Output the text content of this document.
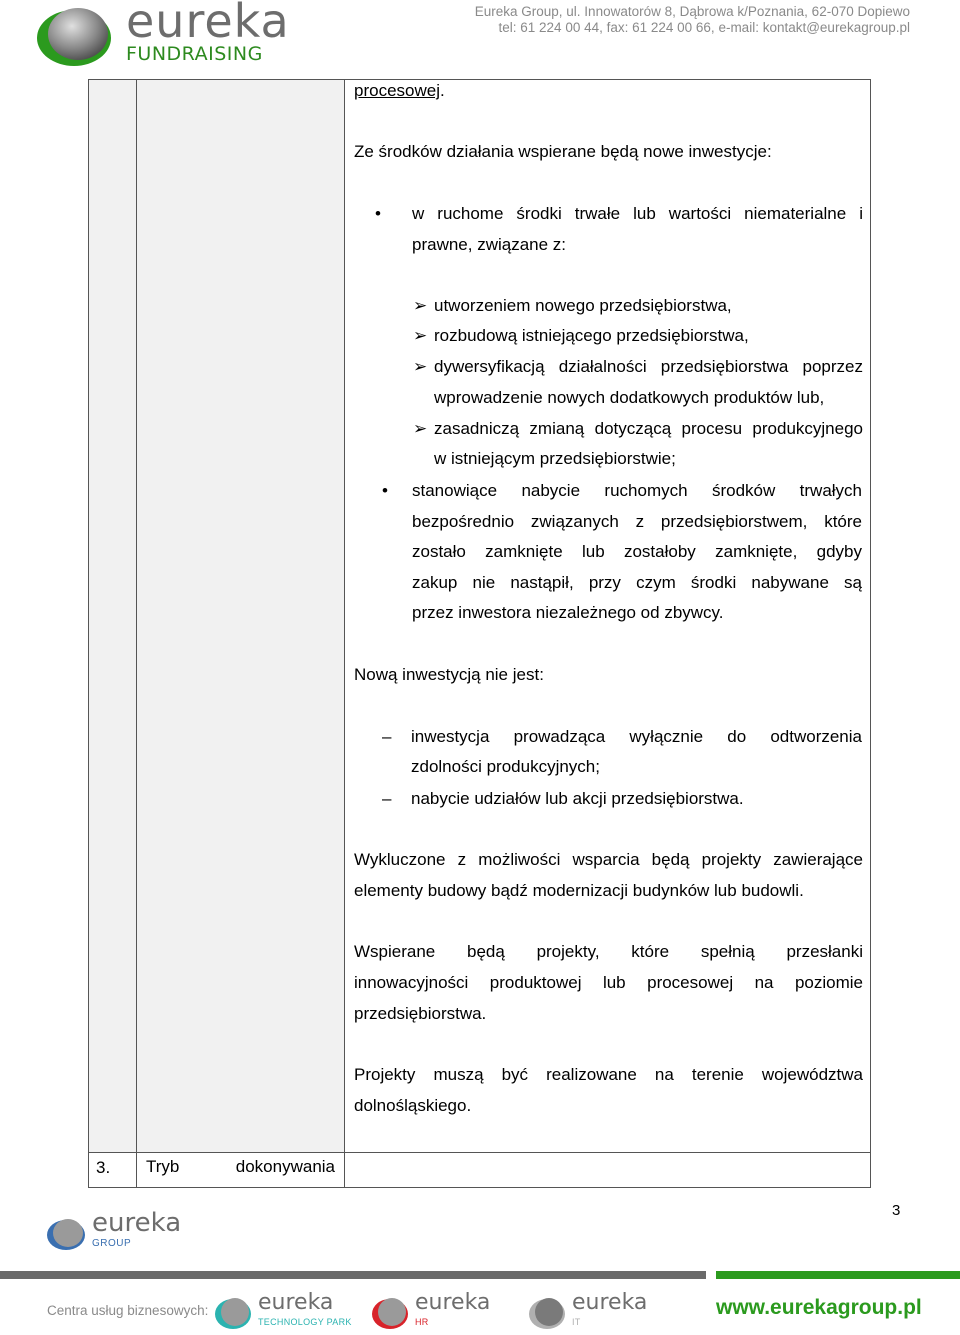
eureka
FUNDRAISING
Eureka Group, ul. Innowatorów 8, Dąbrowa k/Poznania, 62-070 Dopiewo
tel: 61 224 00 44, fax: 61 224 00 66, e-mail: kontakt@eurekagroup.pl
procesowej.
Ze środków działania wspierane będą nowe inwestycje:
• w ruchome środki trwałe lub wartości niematerialne i
prawne, związane z:
➢ utworzeniem nowego przedsiębiorstwa,
➢ rozbudową istniejącego przedsiębiorstwa,
➢ dywersyfikacją działalności przedsiębiorstwa poprzez
wprowadzenie nowych dodatkowych produktów lub,
➢ zasadniczą zmianą dotyczącą procesu produkcyjnego
w istniejącym przedsiębiorstwie;
• stanowiące nabycie ruchomych środków trwałych
bezpośrednio związanych z przedsiębiorstwem, które
zostało zamknięte lub zostałoby zamknięte, gdyby
zakup nie nastąpił, przy czym środki nabywane są
przez inwestora niezależnego od zbywcy.
Nową inwestycją nie jest:
– inwestycja prowadząca wyłącznie do odtworzenia
zdolności produkcyjnych;
– nabycie udziałów lub akcji przedsiębiorstwa.
Wykluczone z możliwości wsparcia będą projekty zawierające
elementy budowy bądź modernizacji budynków lub budowli.
Wspierane będą projekty, które spełnią przesłanki
innowacyjności produktowej lub procesowej na poziomie
przedsiębiorstwa.
Projekty muszą być realizowane na terenie województwa
dolnośląskiego.
3. Tryb dokonywania
3
eureka
GROUP
Centra usług biznesowych: eureka
TECHNOLOGY PARK
eureka
HR
eureka
IT
www.eurekagroup.pl
